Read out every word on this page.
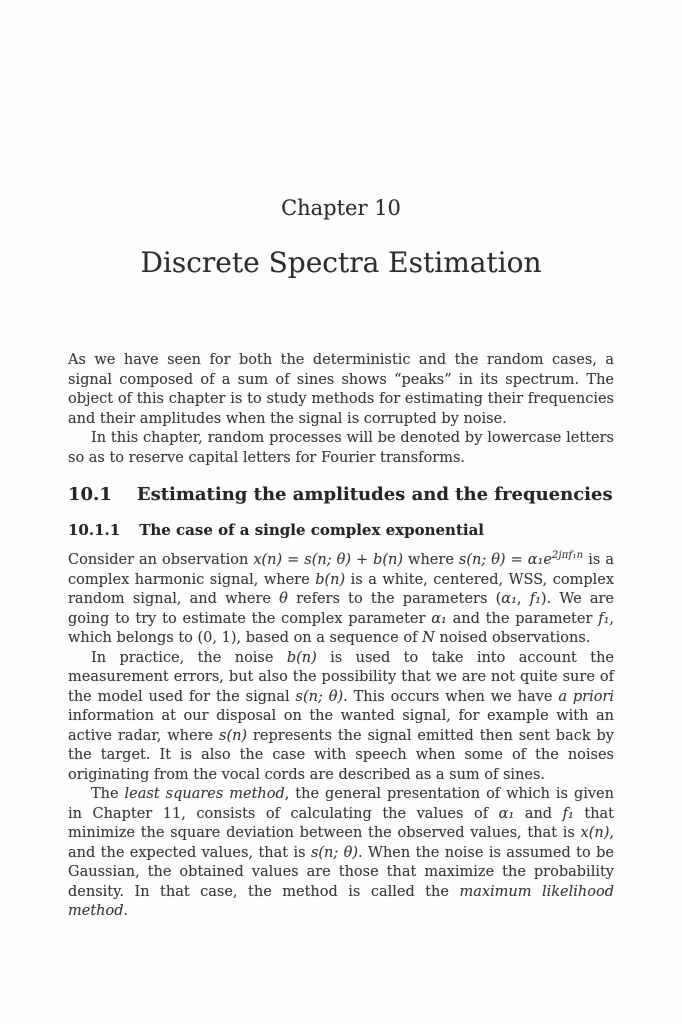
Chapter 10
Discrete Spectra Estimation

As we have seen for both the deterministic and the random cases, a signal composed of a sum of sines shows “peaks” in its spectrum. The object of this chapter is to study methods for estimating their frequencies and their amplitudes when the signal is corrupted by noise.

In this chapter, random processes will be denoted by lowercase letters so as to reserve capital letters for Fourier transforms.

10.1 Estimating the amplitudes and the frequencies
10.1.1 The case of a single complex exponential

Consider an observation x(n) = s(n; θ) + b(n) where s(n; $\theta) = \alpha_1e^{2j\pi f_1n}$ is a complex harmonic signal, where b(n) is a white, centered, WSS, complex random signal, and where θ refers to the parameters (α₁, f₁). We are going to try to estimate the complex parameter α₁ and the parameter f₁, which belongs to (0, 1), based on a sequence of N noised observations.

In practice, the noise b(n) is used to take into account the measurement errors, but also the possibility that we are not quite sure of the model used for the signal s(n; θ). This occurs when we have a priori information at our disposal on the wanted signal, for example with an active radar, where s(n) represents the signal emitted then sent back by the target. It is also the case with speech when some of the noises originating from the vocal cords are described as a sum of sines.

The least squares method, the general presentation of which is given in Chapter 11, consists of calculating the values of α₁ and f₁ that minimize the square deviation between the observed values, that is x(n), and the expected values, that is s(n; θ). When the noise is assumed to be Gaussian, the obtained values are those that maximize the probability density. In that case, the method is called the maximum likelihood method.
